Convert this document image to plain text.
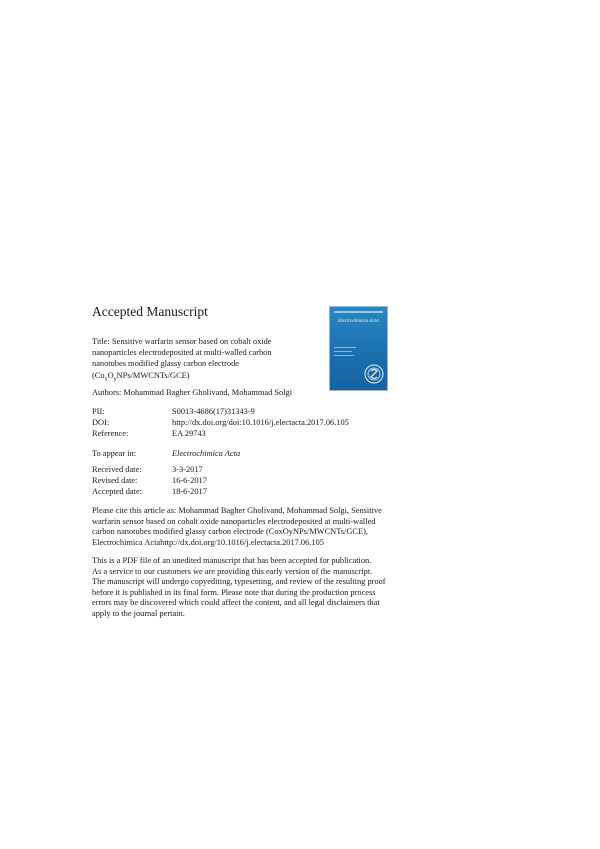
Accepted Manuscript
Title: Sensitive warfarin sensor based on cobalt oxide
nanoparticles electrodeposited at multi-walled carbon
nanotubes modified glassy carbon electrode
$(Co_xO_yNPs/MWCNTs/GCE)$
Electrochimica Acta
Authors: Mohammad Bagher Gholivand, Mohammad Solgi
PII:	S0013-4686(17)31343-9
DOI:	http://dx.doi.org/doi:10.1016/j.electacta.2017.06.105
Reference:	EA 29743
To appear in:	Electrochimica Acta
Received date:	3-3-2017
Revised date:	16-6-2017
Accepted date:	18-6-2017
Please cite this article as: Mohammad Bagher Gholivand, Mohammad Solgi, Sensitive
warfarin sensor based on cobalt oxide nanoparticles electrodeposited at multi-walled
carbon nanotubes modified glassy carbon electrode (CoxOyNPs/MWCNTs/GCE),
Electrochimica Actahttp://dx.doi.org/10.1016/j.electacta.2017.06.105
This is a PDF file of an unedited manuscript that has been accepted for publication.
As a service to our customers we are providing this early version of the manuscript.
The manuscript will undergo copyediting, typesetting, and review of the resulting proof
before it is published in its final form. Please note that during the production process
errors may be discovered which could affect the content, and all legal disclaimers that
apply to the journal pertain.
